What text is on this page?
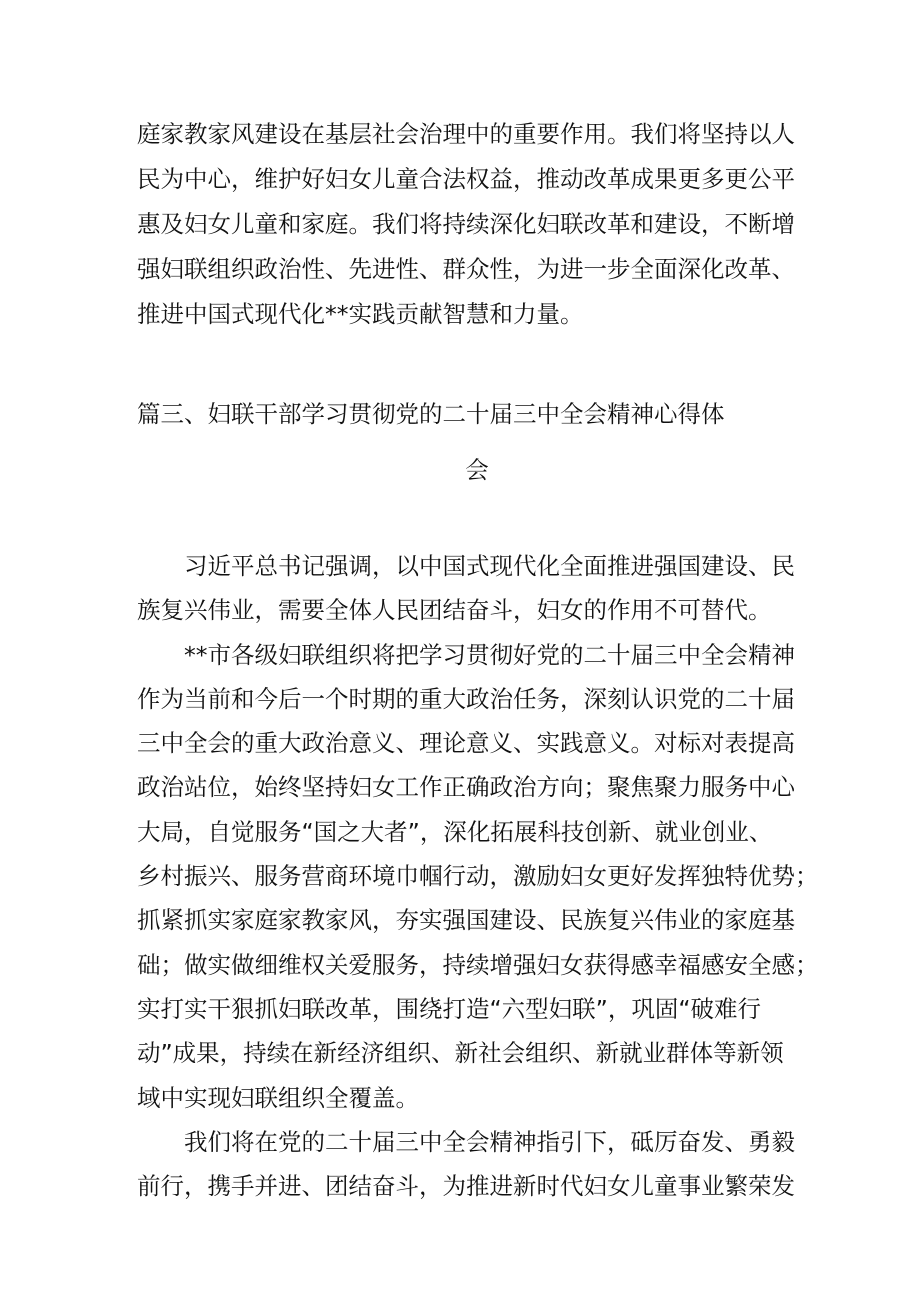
庭家教家风建设在基层社会治理中的重要作用。我们将坚持以人
民为中心，维护好妇女儿童合法权益，推动改革成果更多更公平
惠及妇女儿童和家庭。我们将持续深化妇联改革和建设，不断增
强妇联组织政治性、先进性、群众性，为进一步全面深化改革、
推进中国式现代化**实践贡献智慧和力量。
篇三、妇联干部学习贯彻党的二十届三中全会精神心得体
会
习近平总书记强调，以中国式现代化全面推进强国建设、民
族复兴伟业，需要全体人民团结奋斗，妇女的作用不可替代。
**市各级妇联组织将把学习贯彻好党的二十届三中全会精神
作为当前和今后一个时期的重大政治任务，深刻认识党的二十届
三中全会的重大政治意义、理论意义、实践意义。对标对表提高
政治站位，始终坚持妇女工作正确政治方向；聚焦聚力服务中心
大局，自觉服务“国之大者”，深化拓展科技创新、就业创业、
乡村振兴、服务营商环境巾帼行动，激励妇女更好发挥独特优势；
抓紧抓实家庭家教家风，夯实强国建设、民族复兴伟业的家庭基
础；做实做细维权关爱服务，持续增强妇女获得感幸福感安全感；
实打实干狠抓妇联改革，围绕打造“六型妇联”，巩固“破难行
动”成果，持续在新经济组织、新社会组织、新就业群体等新领
域中实现妇联组织全覆盖。
我们将在党的二十届三中全会精神指引下，砥厉奋发、勇毅
前行，携手并进、团结奋斗，为推进新时代妇女儿童事业繁荣发
